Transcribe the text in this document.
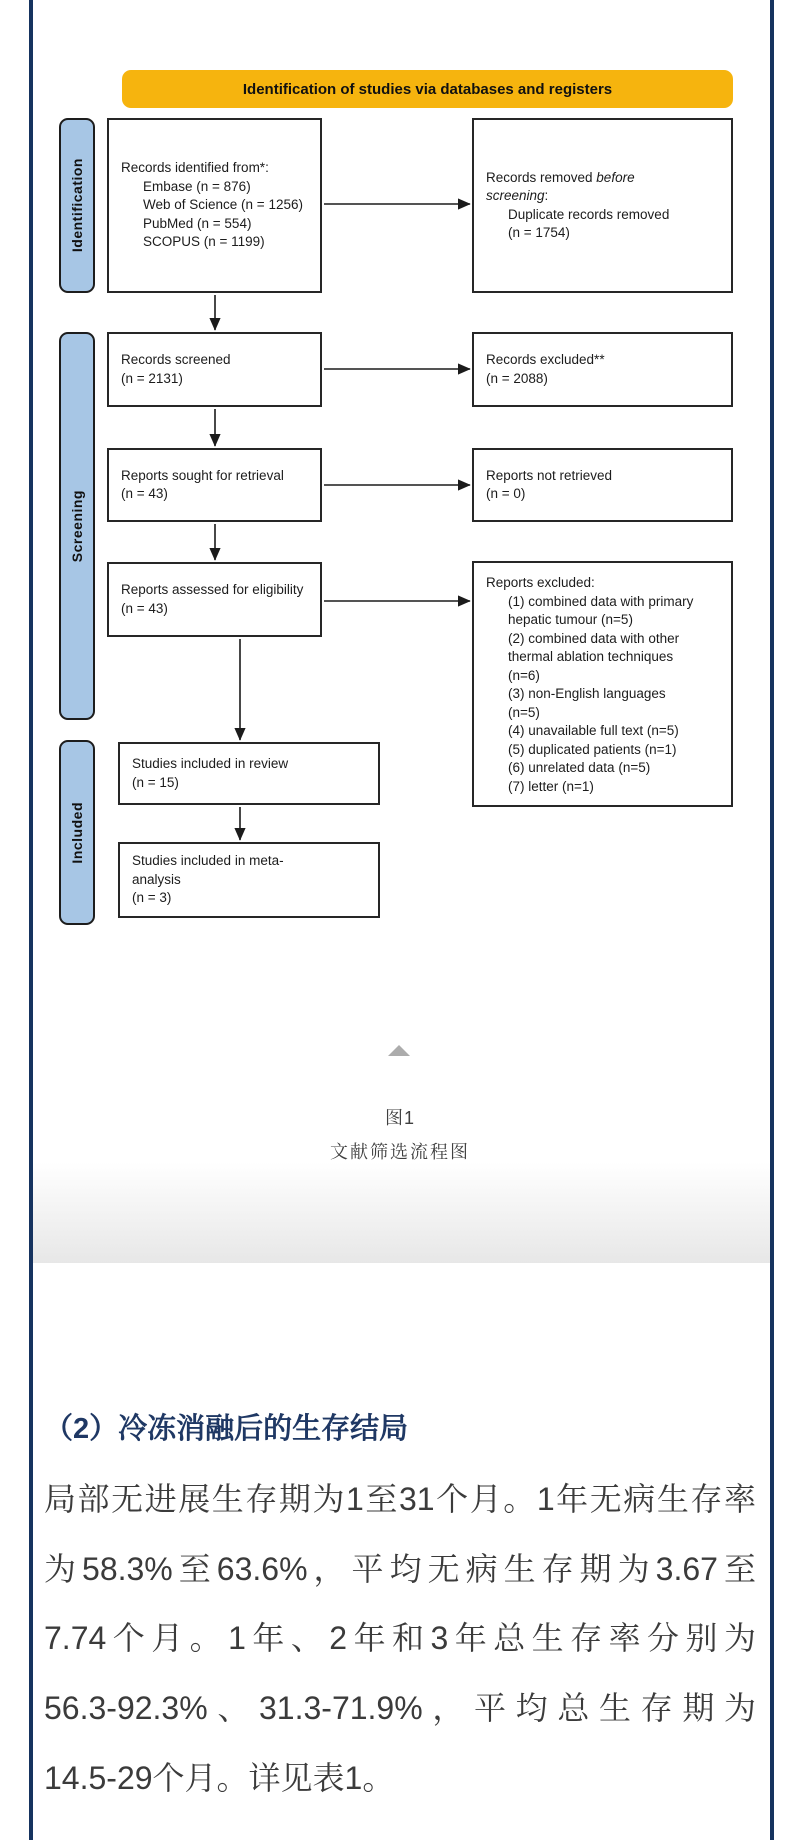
Identification of studies via databases and registers
Identification
Screening
Included
Records identified from*:
Embase (n = 876)
Web of Science (n = 1256)
PubMed (n = 554)
SCOPUS (n = 1199)
Records removed before screening:
Duplicate records removed (n = 1754)
Records screened
(n = 2131)
Records excluded**
(n = 2088)
Reports sought for retrieval
(n = 43)
Reports not retrieved
(n = 0)
Reports assessed for eligibility
(n = 43)
Reports excluded:
(1) combined data with primary hepatic tumour (n=5)
(2) combined data with other thermal ablation techniques (n=6)
(3) non-English languages (n=5)
(4) unavailable full text (n=5)
(5) duplicated patients (n=1)
(6) unrelated data (n=5)
(7) letter (n=1)
Studies included in review
(n = 15)
Studies included in meta-analysis
(n = 3)
图1
文献筛选流程图
（2）冷冻消融后的生存结局
局部无进展生存期为1至31个月。1年无病生存率
为58.3%至63.6%，平均无病生存期为3.67至
7.74个月。1年、2年和3年总生存率分别为
56.3-92.3%、31.3-71.9%，平均总生存期为
14.5-29个月。详见表1。
